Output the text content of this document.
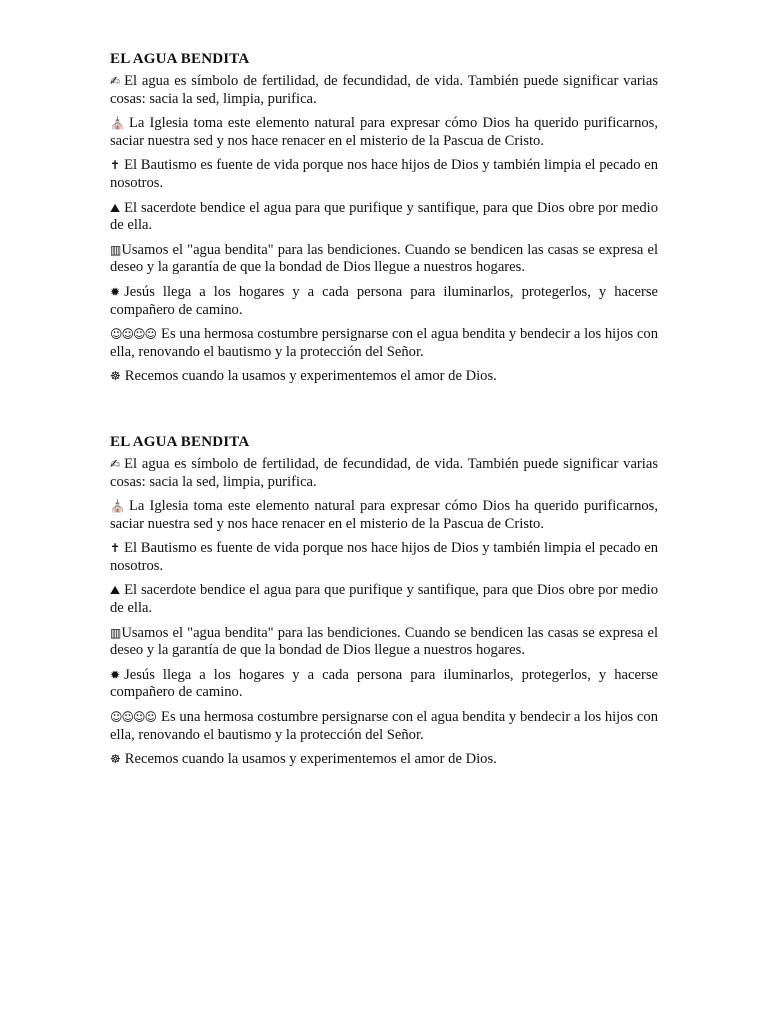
EL AGUA BENDITA

✍ El agua es símbolo de fertilidad, de fecundidad, de vida. También puede significar varias cosas: sacia la sed, limpia, purifica.

⛪ La Iglesia toma este elemento natural para expresar cómo Dios ha querido purificarnos, saciar nuestra sed y nos hace renacer en el misterio de la Pascua de Cristo.

✝ El Bautismo es fuente de vida porque nos hace hijos de Dios y también limpia el pecado en nosotros.

⛰ El sacerdote bendice el agua para que purifique y santifique, para que Dios obre por medio de ella.

▥Usamos el "agua bendita" para las bendiciones. Cuando se bendicen las casas se expresa el deseo y la garantía de que la bondad de Dios llegue a nuestros hogares.

✹ Jesús llega a los hogares y a cada persona para iluminarlos, protegerlos, y hacerse compañero de camino.

☺☺☺☺ Es una hermosa costumbre persignarse con el agua bendita y bendecir a los hijos con ella, renovando el bautismo y la protección del Señor.

☸ Recemos cuando la usamos y experimentemos el amor de Dios.

EL AGUA BENDITA

✍ El agua es símbolo de fertilidad, de fecundidad, de vida. También puede significar varias cosas: sacia la sed, limpia, purifica.

⛪ La Iglesia toma este elemento natural para expresar cómo Dios ha querido purificarnos, saciar nuestra sed y nos hace renacer en el misterio de la Pascua de Cristo.

✝ El Bautismo es fuente de vida porque nos hace hijos de Dios y también limpia el pecado en nosotros.

⛰ El sacerdote bendice el agua para que purifique y santifique, para que Dios obre por medio de ella.

▥Usamos el "agua bendita" para las bendiciones. Cuando se bendicen las casas se expresa el deseo y la garantía de que la bondad de Dios llegue a nuestros hogares.

✹ Jesús llega a los hogares y a cada persona para iluminarlos, protegerlos, y hacerse compañero de camino.

☺☺☺☺ Es una hermosa costumbre persignarse con el agua bendita y bendecir a los hijos con ella, renovando el bautismo y la protección del Señor.

☸ Recemos cuando la usamos y experimentemos el amor de Dios.
